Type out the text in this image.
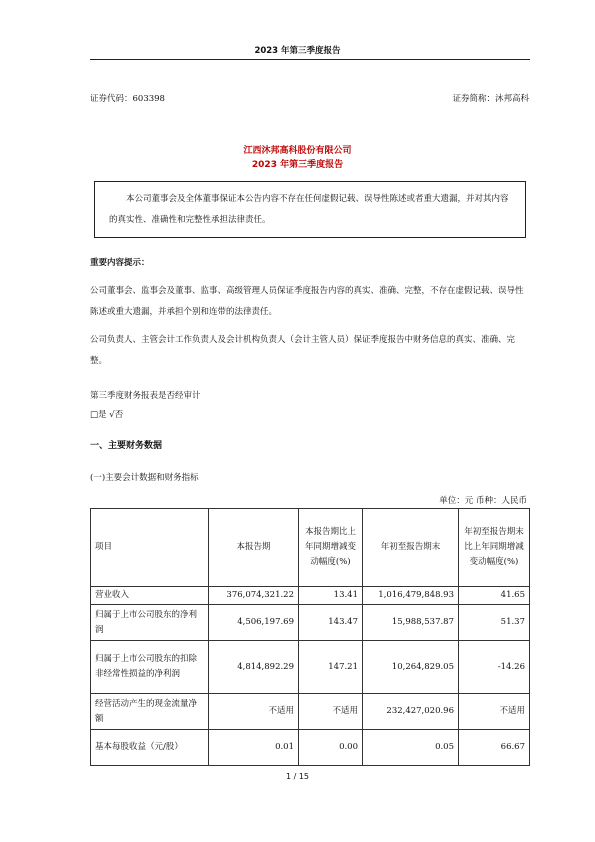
2023 年第三季度报告
证券代码：603398	证券简称：沐邦高科
江西沐邦高科股份有限公司
2023 年第三季度报告
本公司董事会及全体董事保证本公告内容不存在任何虚假记载、误导性陈述或者重大遗漏，并对其内容的真实性、准确性和完整性承担法律责任。
重要内容提示：
公司董事会、监事会及董事、监事、高级管理人员保证季度报告内容的真实、准确、完整，不存在虚假记载、误导性陈述或重大遗漏，并承担个别和连带的法律责任。
公司负责人、主管会计工作负责人及会计机构负责人（会计主管人员）保证季度报告中财务信息的真实、准确、完整。
第三季度财务报表是否经审计
□是 √否
一、主要财务数据
(一)主要会计数据和财务指标
单位：元 币种：人民币
项目	本报告期	本报告期比上年同期增减变动幅度(%)	年初至报告期末	年初至报告期末比上年同期增减变动幅度(%)
营业收入	376,074,321.22	13.41	1,016,479,848.93	41.65
归属于上市公司股东的净利润	4,506,197.69	143.47	15,988,537.87	51.37
归属于上市公司股东的扣除非经常性损益的净利润	4,814,892.29	147.21	10,264,829.05	-14.26
经营活动产生的现金流量净额	不适用	不适用	232,427,020.96	不适用
基本每股收益（元/股）	0.01	0.00	0.05	66.67
1 / 15
